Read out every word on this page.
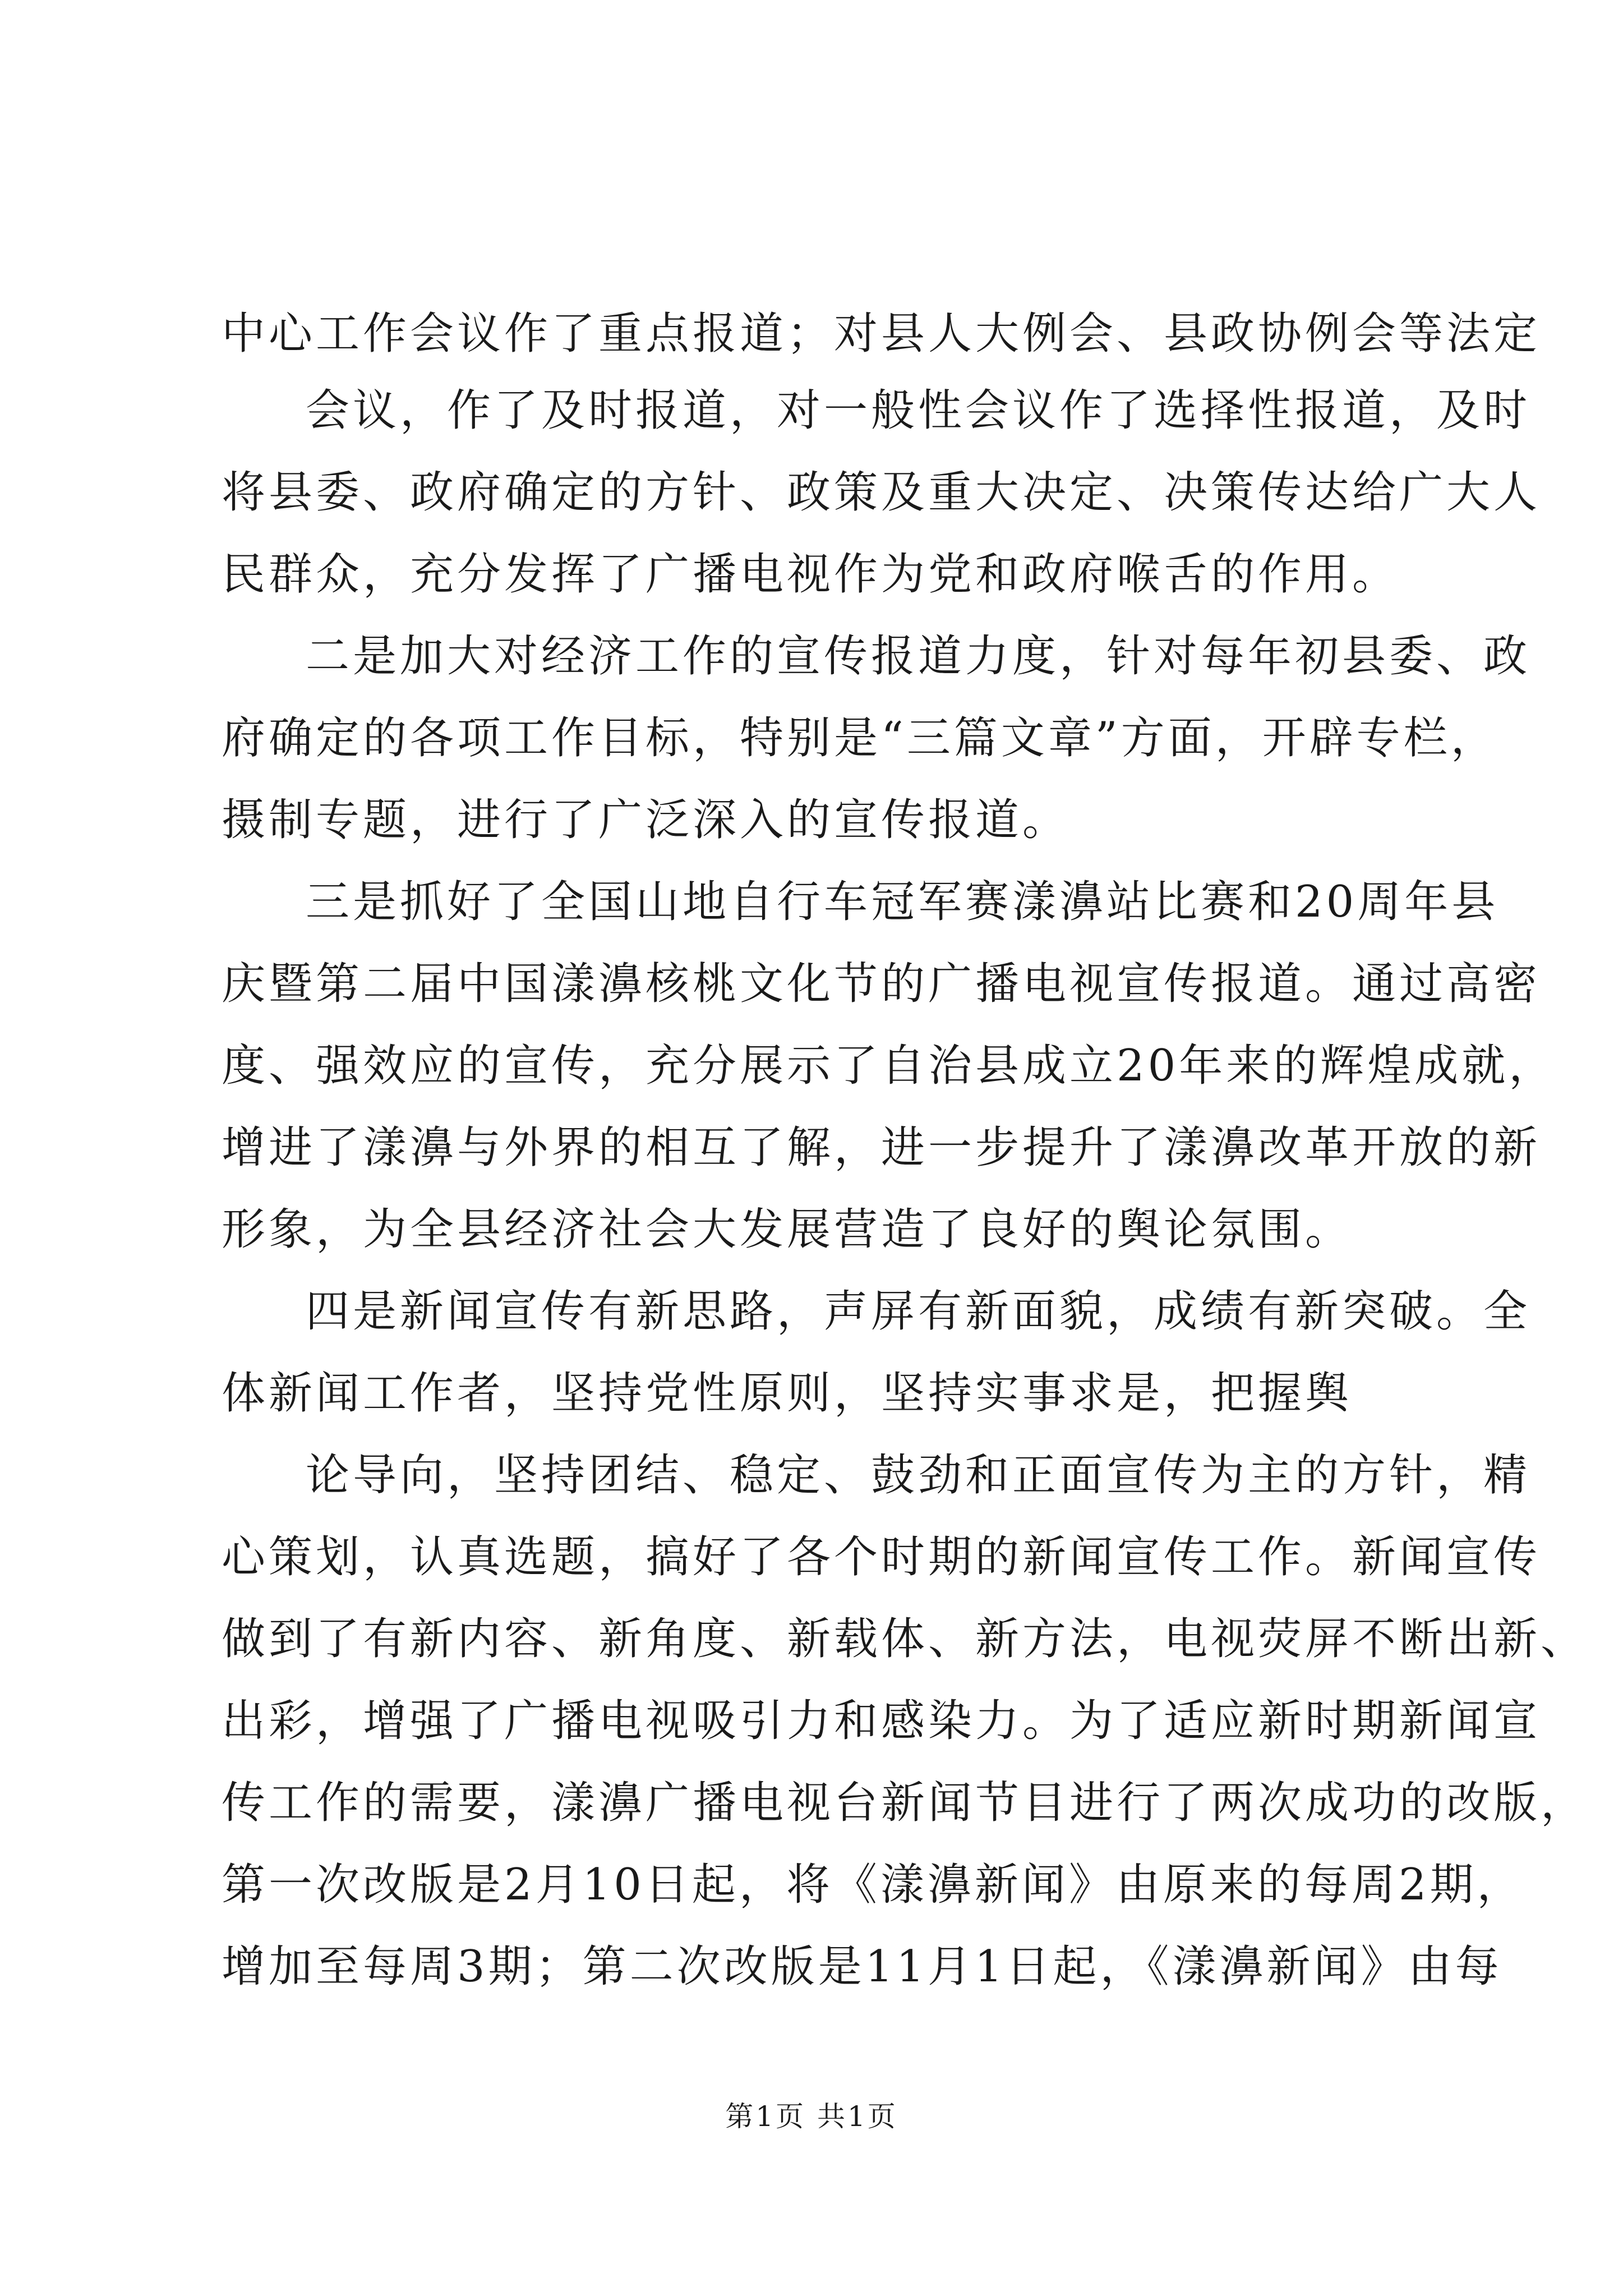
中心工作会议作了重点报道；对县人大例会、县政协例会等法定
会议，作了及时报道，对一般性会议作了选择性报道，及时
将县委、政府确定的方针、政策及重大决定、决策传达给广大人
民群众，充分发挥了广播电视作为党和政府喉舌的作用。
二是加大对经济工作的宣传报道力度，针对每年初县委、政
府确定的各项工作目标，特别是“三篇文章”方面，开辟专栏，
摄制专题，进行了广泛深入的宣传报道。
三是抓好了全国山地自行车冠军赛漾濞站比赛和20周年县
庆暨第二届中国漾濞核桃文化节的广播电视宣传报道。通过高密
度、强效应的宣传，充分展示了自治县成立20年来的辉煌成就，
增进了漾濞与外界的相互了解，进一步提升了漾濞改革开放的新
形象，为全县经济社会大发展营造了良好的舆论氛围。
四是新闻宣传有新思路，声屏有新面貌，成绩有新突破。全
体新闻工作者，坚持党性原则，坚持实事求是，把握舆
论导向，坚持团结、稳定、鼓劲和正面宣传为主的方针，精
心策划，认真选题，搞好了各个时期的新闻宣传工作。新闻宣传
做到了有新内容、新角度、新载体、新方法，电视荧屏不断出新、
出彩，增强了广播电视吸引力和感染力。为了适应新时期新闻宣
传工作的需要，漾濞广播电视台新闻节目进行了两次成功的改版，
第一次改版是2月10日起，将《漾濞新闻》由原来的每周2期，
增加至每周3期；第二次改版是11月1日起，《漾濞新闻》由每
第1页 共1页
